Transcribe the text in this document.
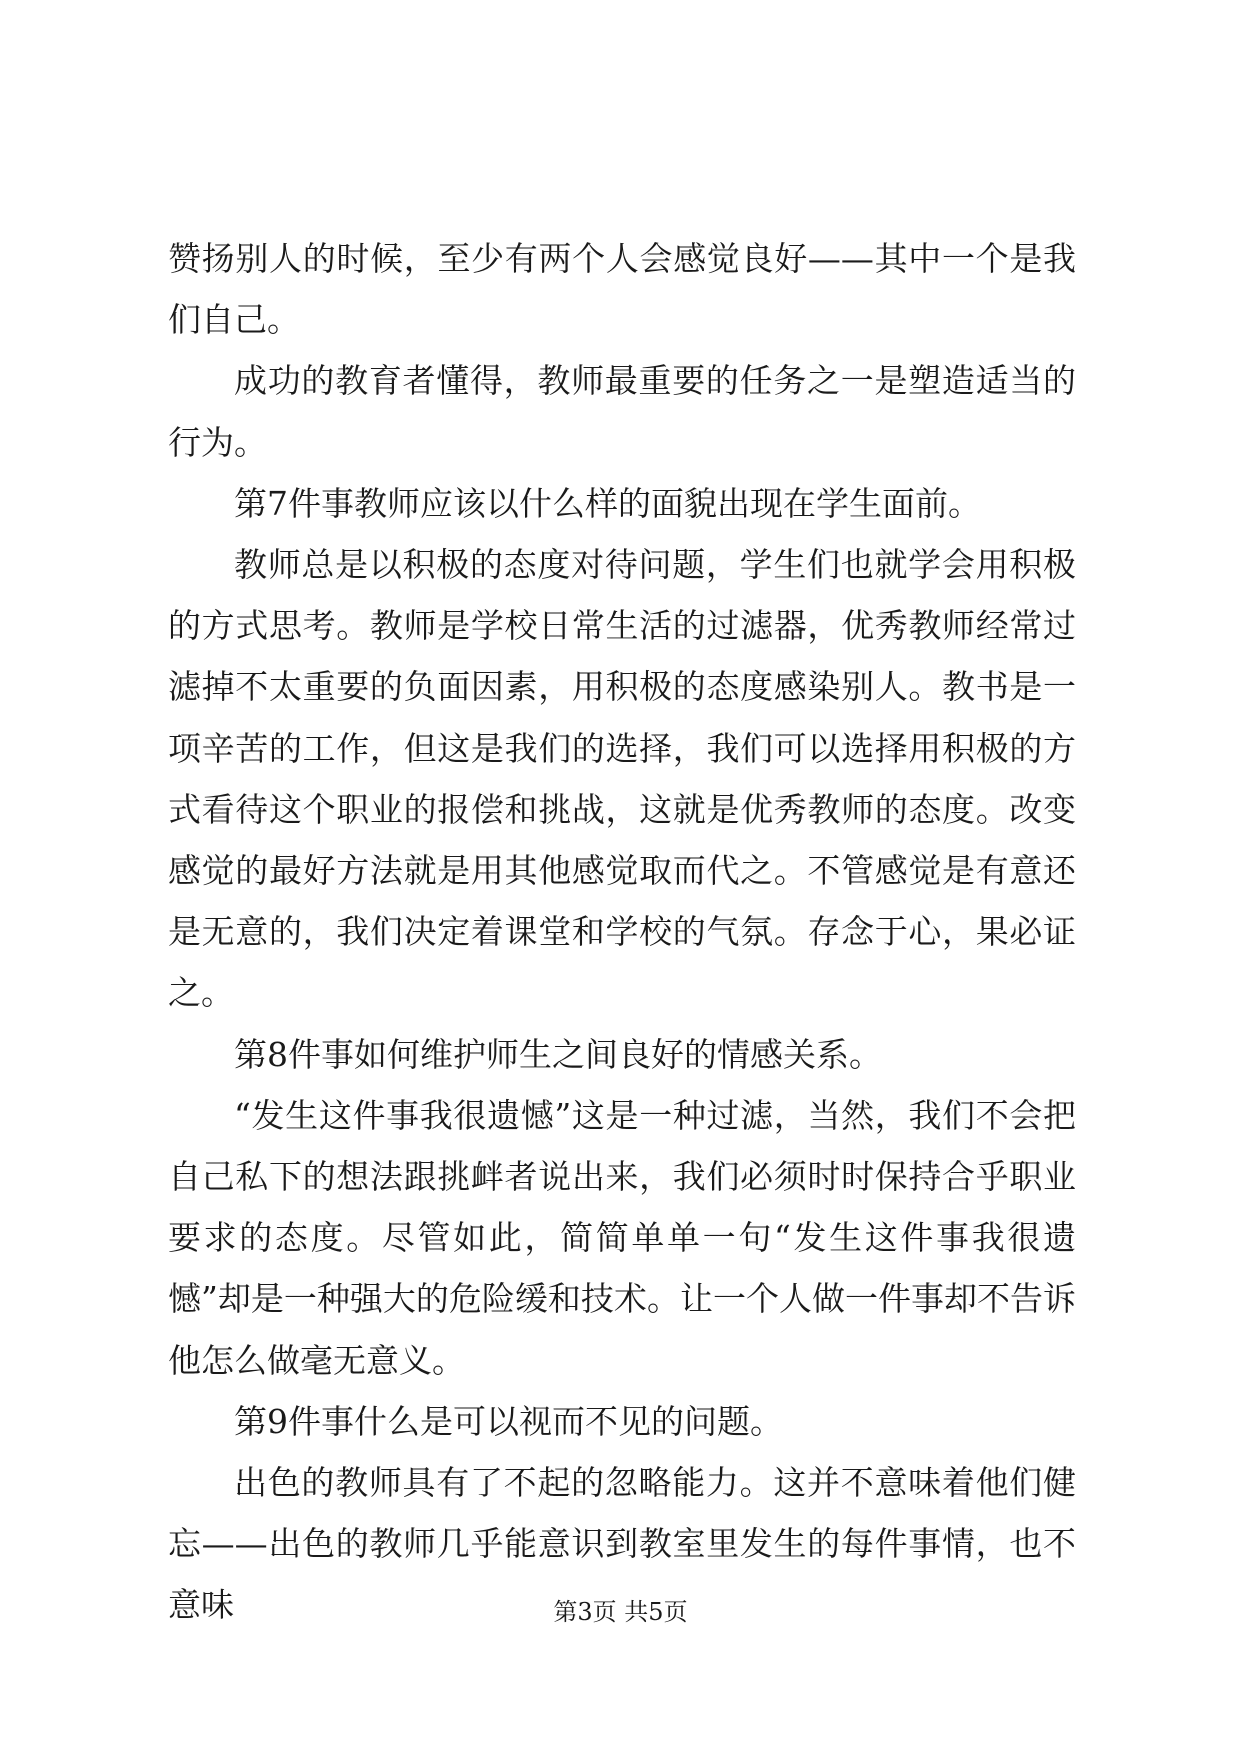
赞扬别人的时候，至少有两个人会感觉良好——其中一个是我们自己。

成功的教育者懂得，教师最重要的任务之一是塑造适当的行为。

第7件事教师应该以什么样的面貌出现在学生面前。

教师总是以积极的态度对待问题，学生们也就学会用积极的方式思考。教师是学校日常生活的过滤器，优秀教师经常过滤掉不太重要的负面因素，用积极的态度感染别人。教书是一项辛苦的工作，但这是我们的选择，我们可以选择用积极的方式看待这个职业的报偿和挑战，这就是优秀教师的态度。改变感觉的最好方法就是用其他感觉取而代之。不管感觉是有意还是无意的，我们决定着课堂和学校的气氛。存念于心，果必证之。

第8件事如何维护师生之间良好的情感关系。

“发生这件事我很遗憾”这是一种过滤，当然，我们不会把自己私下的想法跟挑衅者说出来，我们必须时时保持合乎职业要求的态度。尽管如此，简简单单一句“发生这件事我很遗憾”却是一种强大的危险缓和技术。让一个人做一件事却不告诉他怎么做毫无意义。

第9件事什么是可以视而不见的问题。

出色的教师具有了不起的忽略能力。这并不意味着他们健忘——出色的教师几乎能意识到教室里发生的每件事情，也不意味	第3页 共5页
